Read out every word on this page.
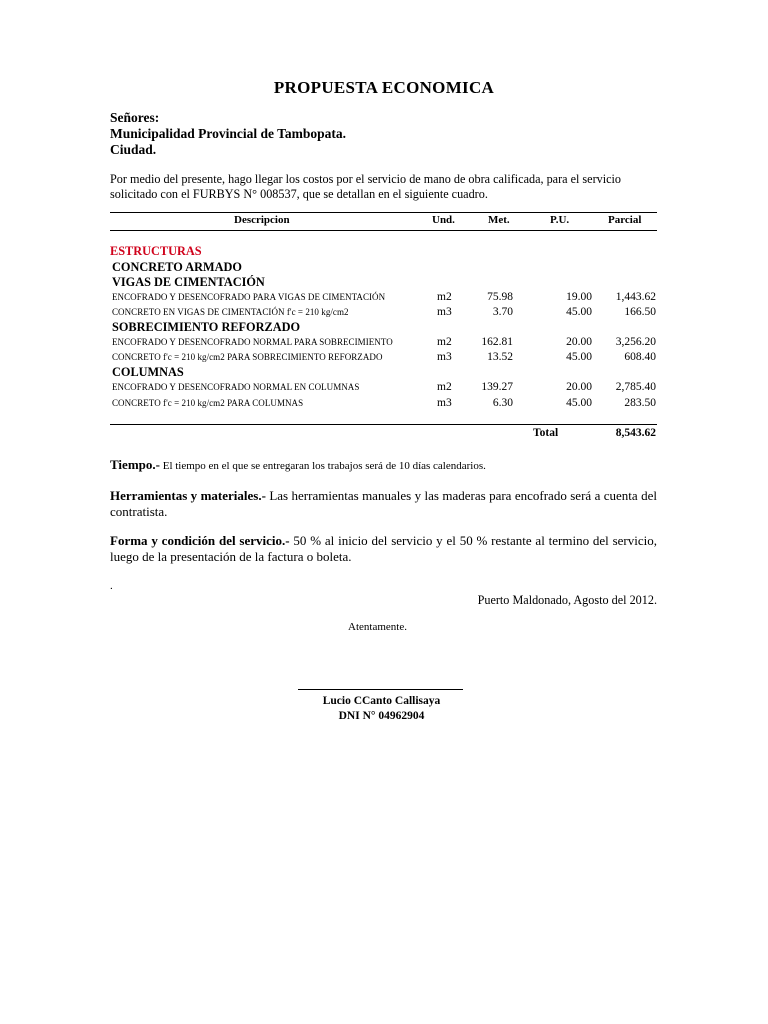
PROPUESTA ECONOMICA
Señores:
Municipalidad Provincial de Tambopata.
Ciudad.
Por medio del presente, hago llegar los costos por el servicio de mano de obra calificada, para el servicio
solicitado con el FURBYS N° 008537, que se detallan en el siguiente cuadro.
Descripcion	Und.	Met.	P.U.	Parcial
ESTRUCTURAS
CONCRETO ARMADO
VIGAS DE CIMENTACIÓN
ENCOFRADO Y DESENCOFRADO PARA VIGAS DE CIMENTACIÓN	m2	75.98	19.00	1,443.62
CONCRETO EN VIGAS DE CIMENTACIÓN f'c = 210 kg/cm2	m3	3.70	45.00	166.50
SOBRECIMIENTO REFORZADO
ENCOFRADO Y DESENCOFRADO NORMAL PARA SOBRECIMIENTO	m2	162.81	20.00	3,256.20
CONCRETO f'c = 210 kg/cm2 PARA SOBRECIMIENTO REFORZADO	m3	13.52	45.00	608.40
COLUMNAS
ENCOFRADO Y DESENCOFRADO NORMAL EN COLUMNAS	m2	139.27	20.00	2,785.40
CONCRETO f'c = 210 kg/cm2 PARA COLUMNAS	m3	6.30	45.00	283.50
Total	8,543.62
Tiempo.- El tiempo en el que se entregaran los trabajos será de 10 días calendarios.
Herramientas y materiales.- Las herramientas manuales y las maderas para encofrado será a cuenta del contratista.
Forma y condición del servicio.- 50 % al inicio del servicio y el 50 % restante al termino del servicio, luego de la presentación de la factura o boleta.
.
Puerto Maldonado, Agosto del 2012.
Atentamente.
Lucio CCanto Callisaya
DNI N° 04962904
